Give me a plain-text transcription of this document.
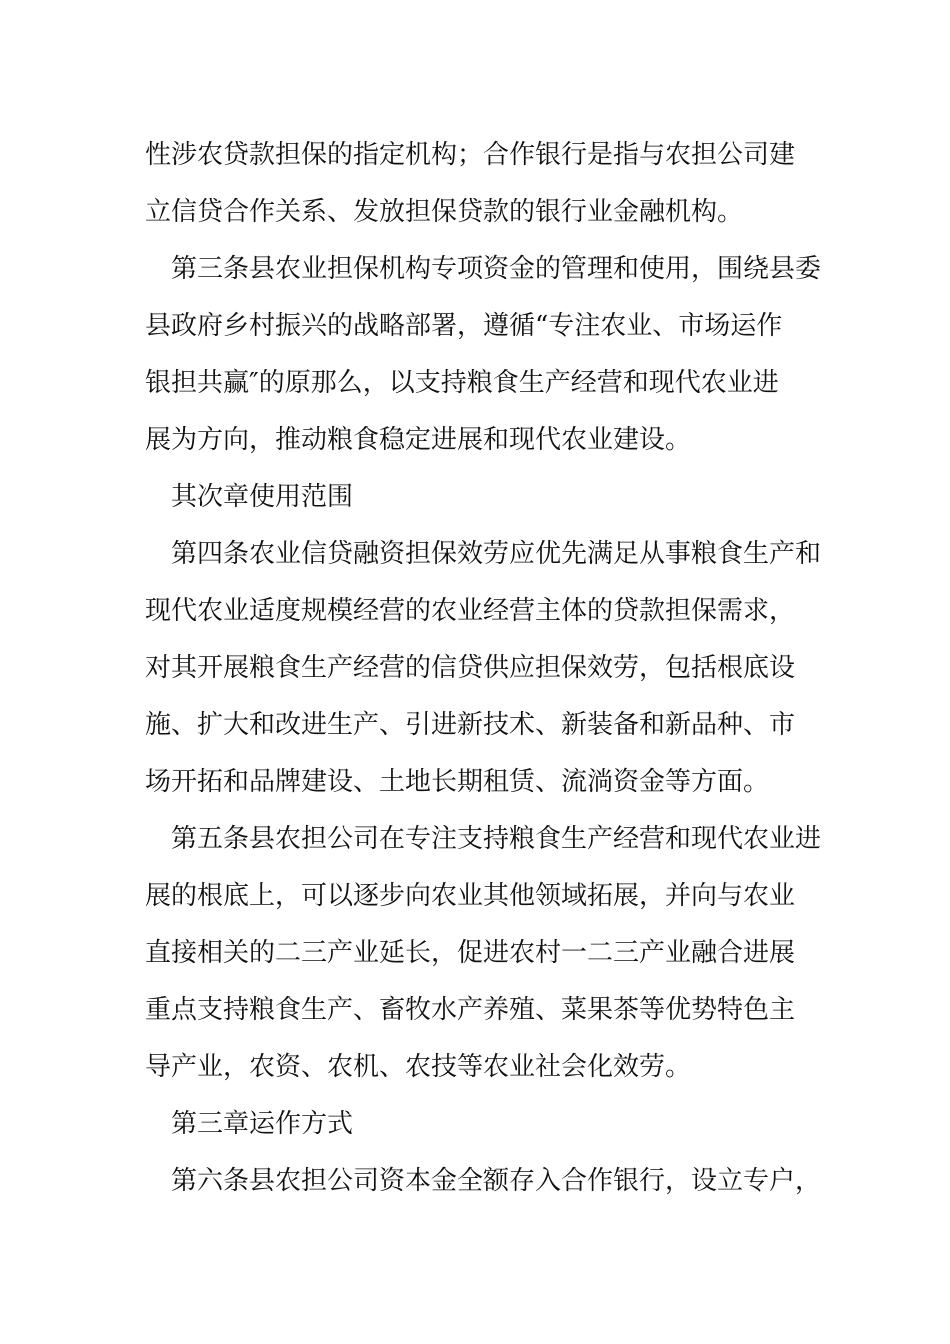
性涉农贷款担保的指定机构；合作银行是指与农担公司建
立信贷合作关系、发放担保贷款的银行业金融机构。
第三条县农业担保机构专项资金的管理和使用，围绕县委
县政府乡村振兴的战略部署，遵循“专注农业、市场运作
银担共赢″的原那么，以支持粮食生产经营和现代农业进
展为方向，推动粮食稳定进展和现代农业建设。
其次章使用范围
第四条农业信贷融资担保效劳应优先满足从事粮食生产和
现代农业适度规模经营的农业经营主体的贷款担保需求，
对其开展粮食生产经营的信贷供应担保效劳，包括根底设
施、扩大和改进生产、引进新技术、新装备和新品种、市
场开拓和品牌建设、土地长期租赁、流淌资金等方面。
第五条县农担公司在专注支持粮食生产经营和现代农业进
展的根底上，可以逐步向农业其他领域拓展，并向与农业
直接相关的二三产业延长，促进农村一二三产业融合进展
重点支持粮食生产、畜牧水产养殖、菜果茶等优势特色主
导产业，农资、农机、农技等农业社会化效劳。
第三章运作方式
第六条县农担公司资本金全额存入合作银行，设立专户，
